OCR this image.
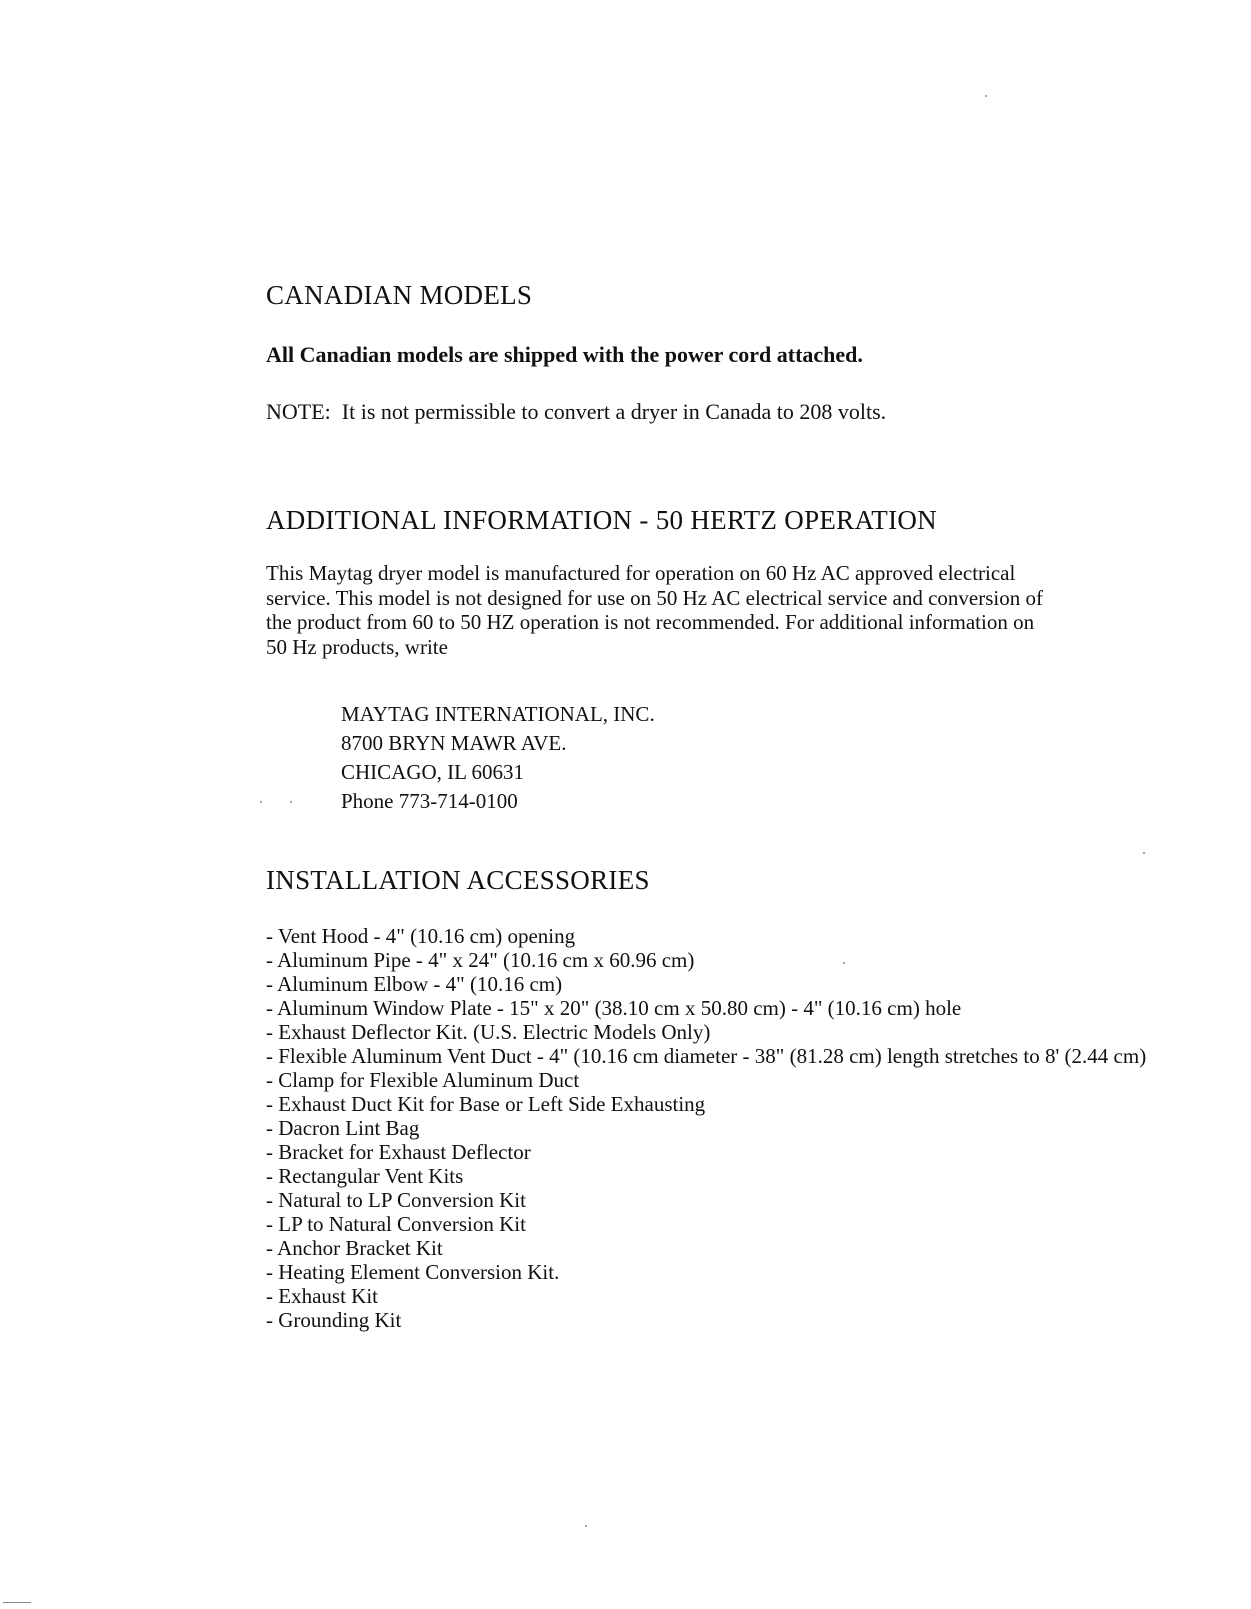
CANADIAN MODELS

All Canadian models are shipped with the power cord attached.

NOTE: It is not permissible to convert a dryer in Canada to 208 volts.

ADDITIONAL INFORMATION - 50 HERTZ OPERATION
This Maytag dryer model is manufactured for operation on 60 Hz AC approved electrical
service. This model is not designed for use on 50 Hz AC electrical service and conversion of
the product from 60 to 50 HZ operation is not recommended. For additional information on
50 Hz products, write
MAYTAG INTERNATIONAL, INC.
8700 BRYN MAWR AVE.
CHICAGO, IL 60631
Phone 773-714-0100
INSTALLATION ACCESSORIES
- Vent Hood - 4" (10.16 cm) opening
- Aluminum Pipe - 4" x 24" (10.16 cm x 60.96 cm)
- Aluminum Elbow - 4" (10.16 cm)
- Aluminum Window Plate - 15" x 20" (38.10 cm x 50.80 cm) - 4" (10.16 cm) hole
- Exhaust Deflector Kit. (U.S. Electric Models Only)
- Flexible Aluminum Vent Duct - 4" (10.16 cm diameter - 38" (81.28 cm) length stretches to 8' (2.44 cm)
- Clamp for Flexible Aluminum Duct
- Exhaust Duct Kit for Base or Left Side Exhausting
- Dacron Lint Bag
- Bracket for Exhaust Deflector
- Rectangular Vent Kits
- Natural to LP Conversion Kit
- LP to Natural Conversion Kit
- Anchor Bracket Kit
- Heating Element Conversion Kit.
- Exhaust Kit
- Grounding Kit
